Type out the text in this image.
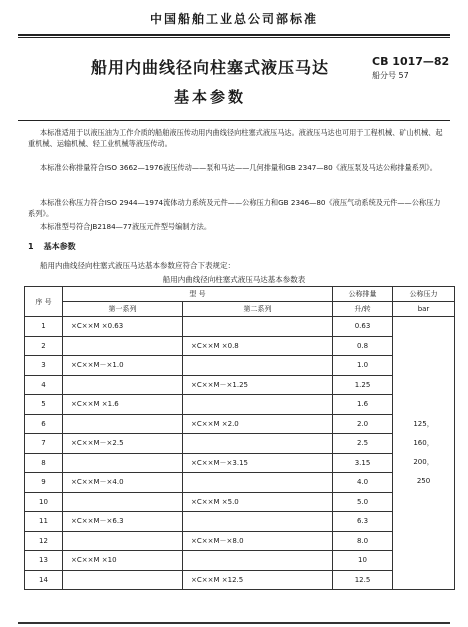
中国船舶工业总公司部标准
船用内曲线径向柱塞式液压马达
基本参数
CB 1017—82
船分号 57
本标准适用于以液压油为工作介质的船舶液压传动用内曲线径向柱塞式液压马达。液液压马达也可用于工程机械、矿山机械、起重机械、运输机械、轻工业机械等液压传动。
本标准公称排量符合ISO 3662—1976液压传动——泵和马达——几何排量和GB 2347—80《液压泵及马达公称排量系列》。
本标准公称压力符合ISO 2944—1974流体动力系统及元件——公称压力和GB 2346—80《液压气动系统及元件——公称压力系列》。
本标准型号符合JB2184—77液压元件型号编制方法。
1 基本参数
船用内曲线径向柱塞式液压马达基本参数应符合下表规定：
船用内曲线径向柱塞式液压马达基本参数表
序 号	型 号		公称排量	公称压力
	第一系列	第二系列	升/转	bar
1	×C××M ×0.63		0.63	125，
160，
200，
250
2		×C××M ×0.8	0.8	
3	×C××M－×1.0		1.0	
4		×C××M－×1.25	1.25	
5	×C××M ×1.6		1.6	
6		×C××M ×2.0	2.0	
7	×C××M－×2.5		2.5	
8		×C××M－×3.15	3.15	
9	×C××M－×4.0		4.0	
10		×C××M ×5.0	5.0	
11	×C××M－×6.3		6.3	
12		×C××M－×8.0	8.0	
13	×C××M ×10		10	
14		×C××M ×12.5	12.5	
